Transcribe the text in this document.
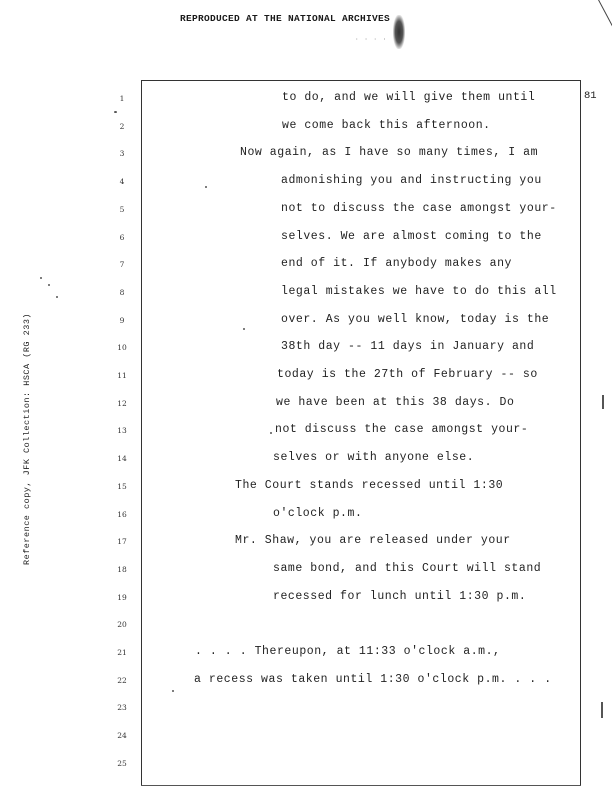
REPRODUCED AT THE NATIONAL ARCHIVES
· · · ·
81
Reference copy, JFK Collection: HSCA (RG 233)
1
2
3
4
5
6
7
8
9
10
11
12
13
14
15
16
17
18
19
20
21
22
23
24
25
to do, and we will give them until
we come back this afternoon.
Now again, as I have so many times, I am
admonishing you and instructing you
not to discuss the case amongst your-
selves. We are almost coming to the
end of it. If anybody makes any
legal mistakes we have to do this all
over. As you well know, today is the
38th day -- 11 days in January and
today is the 27th of February -- so
we have been at this 38 days. Do
not discuss the case amongst your-
selves or with anyone else.
The Court stands recessed until 1:30
o'clock p.m.
Mr. Shaw, you are released under your
same bond, and this Court will stand
recessed for lunch until 1:30 p.m.
. . . . Thereupon, at 11:33 o'clock a.m.,
a recess was taken until 1:30 o'clock p.m. . . .
